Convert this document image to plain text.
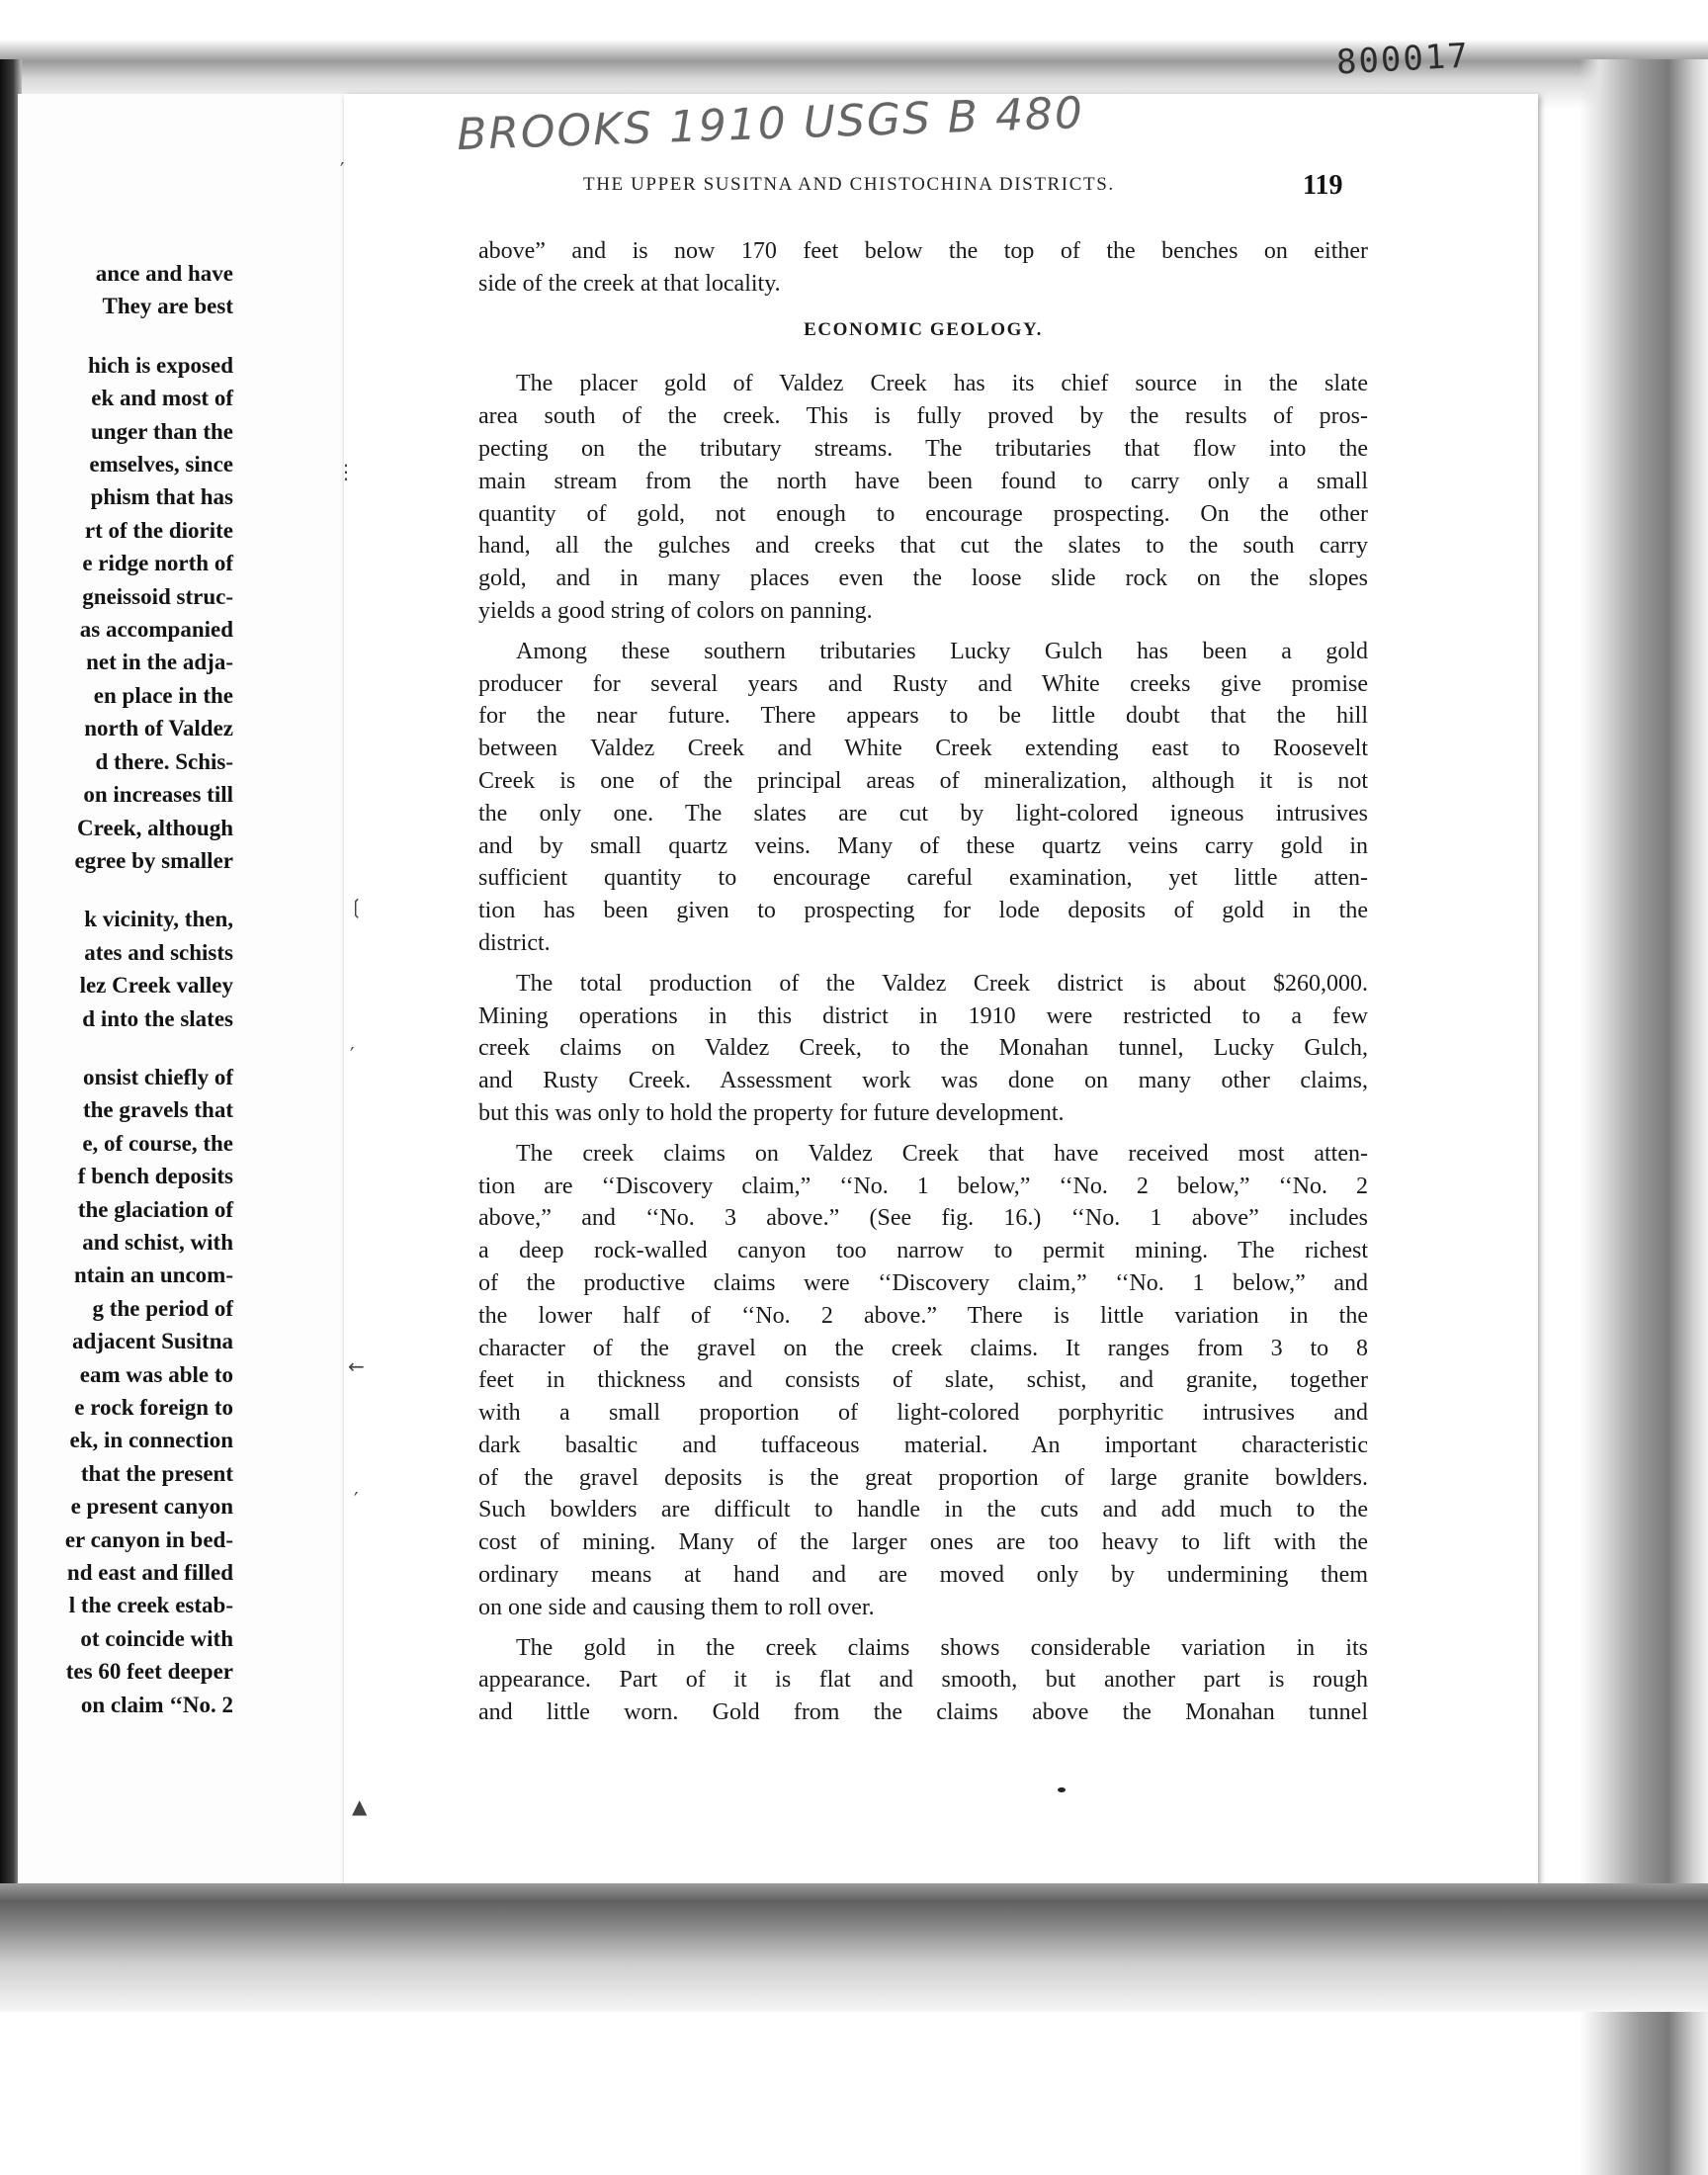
ance and have
They are best
hich is exposed
ek and most of
unger than the
emselves, since
phism that has
rt of the diorite
e ridge north of
gneissoid struc-
as accompanied
net in the adja-
en place in the
north of Valdez
d there. Schis-
on increases till
Creek, although
egree by smaller
k vicinity, then,
ates and schists
lez Creek valley
d into the slates
onsist chiefly of
the gravels that
e, of course, the
f bench deposits
the glaciation of
and schist, with
ntain an uncom-
g the period of
adjacent Susitna
eam was able to
e rock foreign to
ek, in connection
that the present
e present canyon
er canyon in bed-
nd east and filled
l the creek estab-
ot coincide with
tes 60 feet deeper
on claim ‘‘No. 2
′
⋮
❲
′
←
′
▲
BROOKS 1910 USGS B 480
800017
THE UPPER SUSITNA AND CHISTOCHINA DISTRICTS.	119
above” and is now 170 feet below the top of the benches on either
side of the creek at that locality.
ECONOMIC GEOLOGY.
The placer gold of Valdez Creek has its chief source in the slate
area south of the creek. This is fully proved by the results of pros-
pecting on the tributary streams. The tributaries that flow into the
main stream from the north have been found to carry only a small
quantity of gold, not enough to encourage prospecting. On the other
hand, all the gulches and creeks that cut the slates to the south carry
gold, and in many places even the loose slide rock on the slopes
yields a good string of colors on panning.
Among these southern tributaries Lucky Gulch has been a gold
producer for several years and Rusty and White creeks give promise
for the near future. There appears to be little doubt that the hill
between Valdez Creek and White Creek extending east to Roosevelt
Creek is one of the principal areas of mineralization, although it is not
the only one. The slates are cut by light-colored igneous intrusives
and by small quartz veins. Many of these quartz veins carry gold in
sufficient quantity to encourage careful examination, yet little atten-
tion has been given to prospecting for lode deposits of gold in the
district.
The total production of the Valdez Creek district is about $260,000.
Mining operations in this district in 1910 were restricted to a few
creek claims on Valdez Creek, to the Monahan tunnel, Lucky Gulch,
and Rusty Creek. Assessment work was done on many other claims,
but this was only to hold the property for future development.
The creek claims on Valdez Creek that have received most atten-
tion are ‘‘Discovery claim,” ‘‘No. 1 below,” ‘‘No. 2 below,” ‘‘No. 2
above,” and ‘‘No. 3 above.” (See fig. 16.) ‘‘No. 1 above” includes
a deep rock-walled canyon too narrow to permit mining. The richest
of the productive claims were ‘‘Discovery claim,” ‘‘No. 1 below,” and
the lower half of ‘‘No. 2 above.” There is little variation in the
character of the gravel on the creek claims. It ranges from 3 to 8
feet in thickness and consists of slate, schist, and granite, together
with a small proportion of light-colored porphyritic intrusives and
dark basaltic and tuffaceous material. An important characteristic
of the gravel deposits is the great proportion of large granite bowlders.
Such bowlders are difficult to handle in the cuts and add much to the
cost of mining. Many of the larger ones are too heavy to lift with the
ordinary means at hand and are moved only by undermining them
on one side and causing them to roll over.
The gold in the creek claims shows considerable variation in its
appearance. Part of it is flat and smooth, but another part is rough
and little worn. Gold from the claims above the Monahan tunnel
